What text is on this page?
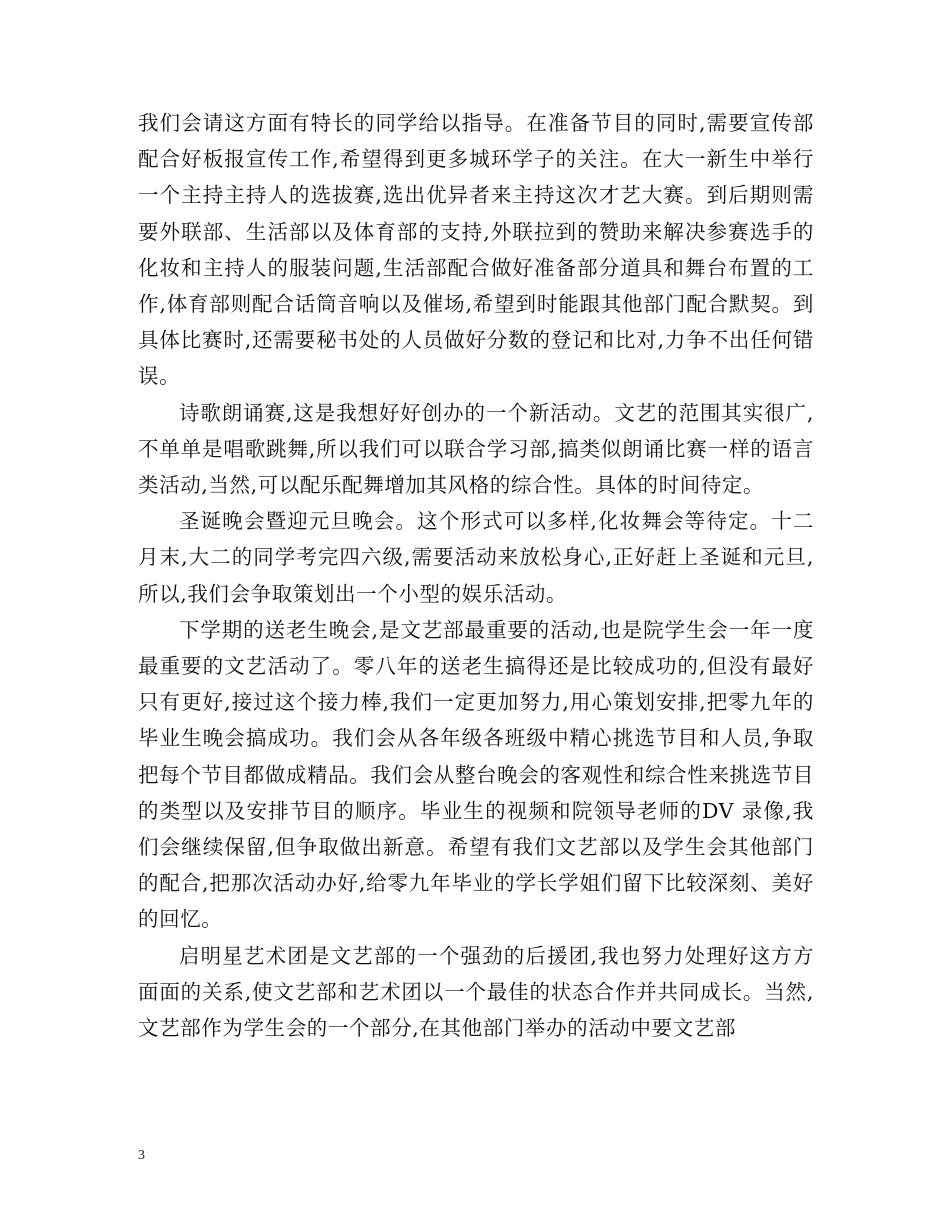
我们会请这方面有特长的同学给以指导。在准备节目的同时,需要宣传部配合好板报宣传工作,希望得到更多城环学子的关注。在大一新生中举行一个主持主持人的选拔赛,选出优异者来主持这次才艺大赛。到后期则需要外联部、生活部以及体育部的支持,外联拉到的赞助来解决参赛选手的化妆和主持人的服装问题,生活部配合做好准备部分道具和舞台布置的工作,体育部则配合话筒音响以及催场,希望到时能跟其他部门配合默契。到具体比赛时,还需要秘书处的人员做好分数的登记和比对,力争不出任何错误。

诗歌朗诵赛,这是我想好好创办的一个新活动。文艺的范围其实很广,不单单是唱歌跳舞,所以我们可以联合学习部,搞类似朗诵比赛一样的语言类活动,当然,可以配乐配舞增加其风格的综合性。具体的时间待定。

圣诞晚会暨迎元旦晚会。这个形式可以多样,化妆舞会等待定。十二月末,大二的同学考完四六级,需要活动来放松身心,正好赶上圣诞和元旦,所以,我们会争取策划出一个小型的娱乐活动。

下学期的送老生晚会,是文艺部最重要的活动,也是院学生会一年一度最重要的文艺活动了。零八年的送老生搞得还是比较成功的,但没有最好只有更好,接过这个接力棒,我们一定更加努力,用心策划安排,把零九年的毕业生晚会搞成功。我们会从各年级各班级中精心挑选节目和人员,争取把每个节目都做成精品。我们会从整台晚会的客观性和综合性来挑选节目的类型以及安排节目的顺序。毕业生的视频和院领导老师的DV 录像,我们会继续保留,但争取做出新意。希望有我们文艺部以及学生会其他部门的配合,把那次活动办好,给零九年毕业的学长学姐们留下比较深刻、美好的回忆。

启明星艺术团是文艺部的一个强劲的后援团,我也努力处理好这方方面面的关系,使文艺部和艺术团以一个最佳的状态合作并共同成长。当然,文艺部作为学生会的一个部分,在其他部门举办的活动中要文艺部

3
